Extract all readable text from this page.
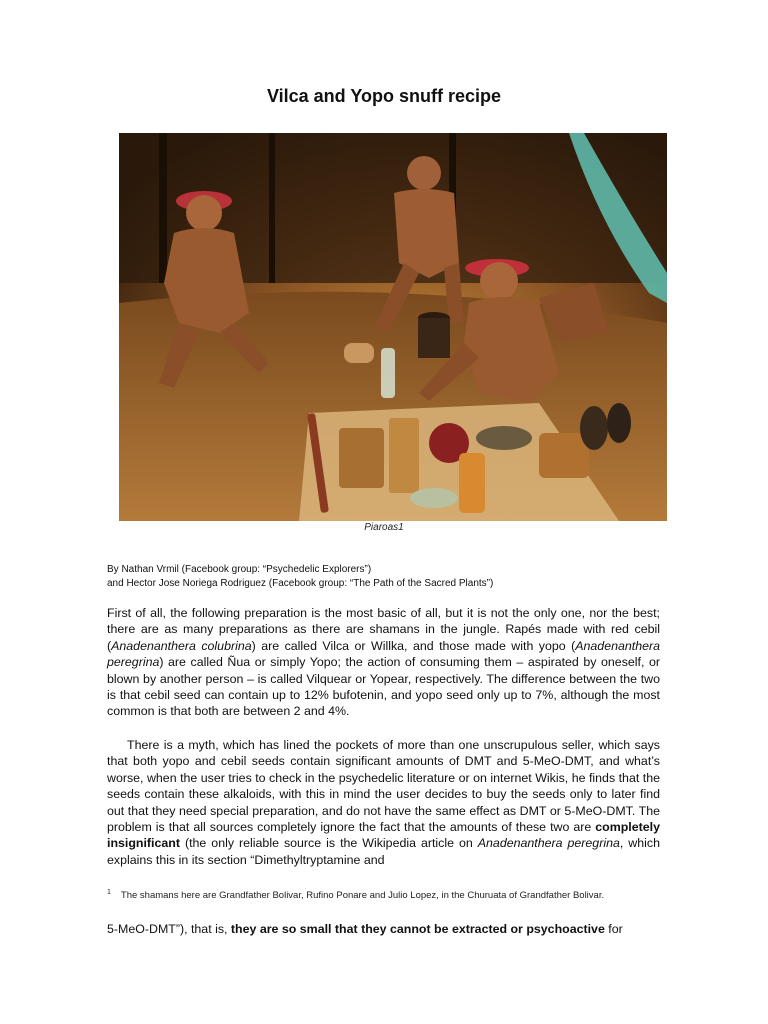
Vilca and Yopo snuff recipe
Piaroas1
By Nathan Vrmil (Facebook group: “Psychedelic Explorers”)
and Hector Jose Noriega Rodriguez (Facebook group: “The Path of the Sacred Plants”)
First of all, the following preparation is the most basic of all, but it is not the only one, nor the best; there are as many preparations as there are shamans in the jungle. Rapés made with red cebil (Anadenanthera colubrina) are called Vilca or Willka, and those made with yopo (Anadenanthera peregrina) are called Ñua or simply Yopo; the action of consuming them – aspirated by oneself, or blown by another person – is called Vilquear or Yopear, respectively. The difference between the two is that cebil seed can contain up to 12% bufotenin, and yopo seed only up to 7%, although the most common is that both are between 2 and 4%.
There is a myth, which has lined the pockets of more than one unscrupulous seller, which says that both yopo and cebil seeds contain significant amounts of DMT and 5-MeO-DMT, and what’s worse, when the user tries to check in the psychedelic literature or on internet Wikis, he finds that the seeds contain these alkaloids, with this in mind the user decides to buy the seeds only to later find out that they need special preparation, and do not have the same effect as DMT or 5-MeO-DMT. The problem is that all sources completely ignore the fact that the amounts of these two are completely insignificant (the only reliable source is the Wikipedia article on Anadenanthera peregrina, which explains this in its section “Dimethyltryptamine and
$^1$ The shamans here are Grandfather Bolivar, Rufino Ponare and Julio Lopez, in the Churuata of Grandfather Bolivar.
5-MeO-DMT”), that is, they are so small that they cannot be extracted or psychoactive for
